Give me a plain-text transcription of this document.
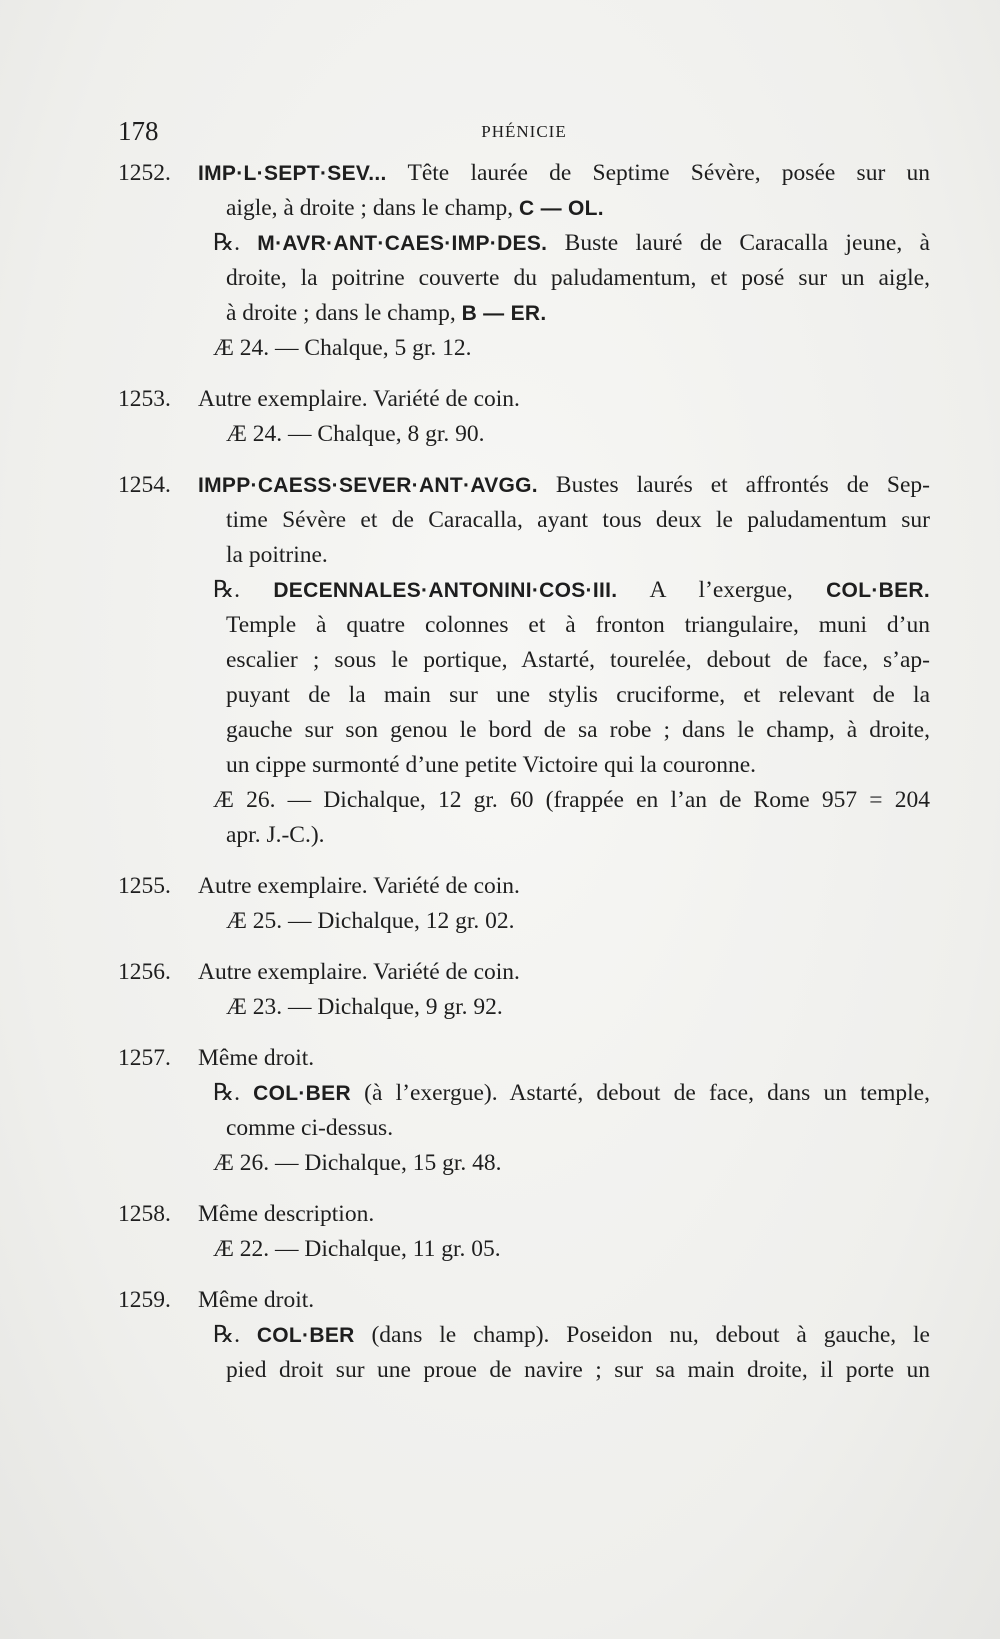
178	PHÉNICIE
1252. IMP·L·SEPT·SEV... Tête laurée de Septime Sévère, posée sur un
aigle, à droite ; dans le champ, C — OL.
℞. M·AVR·ANT·CAES·IMP·DES. Buste lauré de Caracalla jeune, à
droite, la poitrine couverte du paludamentum, et posé sur un aigle,
à droite ; dans le champ, B — ER.
Æ 24. — Chalque, 5 gr. 12.
1253. Autre exemplaire. Variété de coin.
Æ 24. — Chalque, 8 gr. 90.
1254. IMPP·CAESS·SEVER·ANT·AVGG. Bustes laurés et affrontés de Sep-
time Sévère et de Caracalla, ayant tous deux le paludamentum sur
la poitrine.
℞. DECENNALES·ANTONINI·COS·III. A l’exergue, COL·BER.
Temple à quatre colonnes et à fronton triangulaire, muni d’un
escalier ; sous le portique, Astarté, tourelée, debout de face, s’ap-
puyant de la main sur une stylis cruciforme, et relevant de la
gauche sur son genou le bord de sa robe ; dans le champ, à droite,
un cippe surmonté d’une petite Victoire qui la couronne.
Æ 26. — Dichalque, 12 gr. 60 (frappée en l’an de Rome 957 = 204
apr. J.-C.).
1255. Autre exemplaire. Variété de coin.
Æ 25. — Dichalque, 12 gr. 02.
1256. Autre exemplaire. Variété de coin.
Æ 23. — Dichalque, 9 gr. 92.
1257. Même droit.
℞. COL·BER (à l’exergue). Astarté, debout de face, dans un temple,
comme ci-dessus.
Æ 26. — Dichalque, 15 gr. 48.
1258. Même description.
Æ 22. — Dichalque, 11 gr. 05.
1259. Même droit.
℞. COL·BER (dans le champ). Poseidon nu, debout à gauche, le
pied droit sur une proue de navire ; sur sa main droite, il porte un
